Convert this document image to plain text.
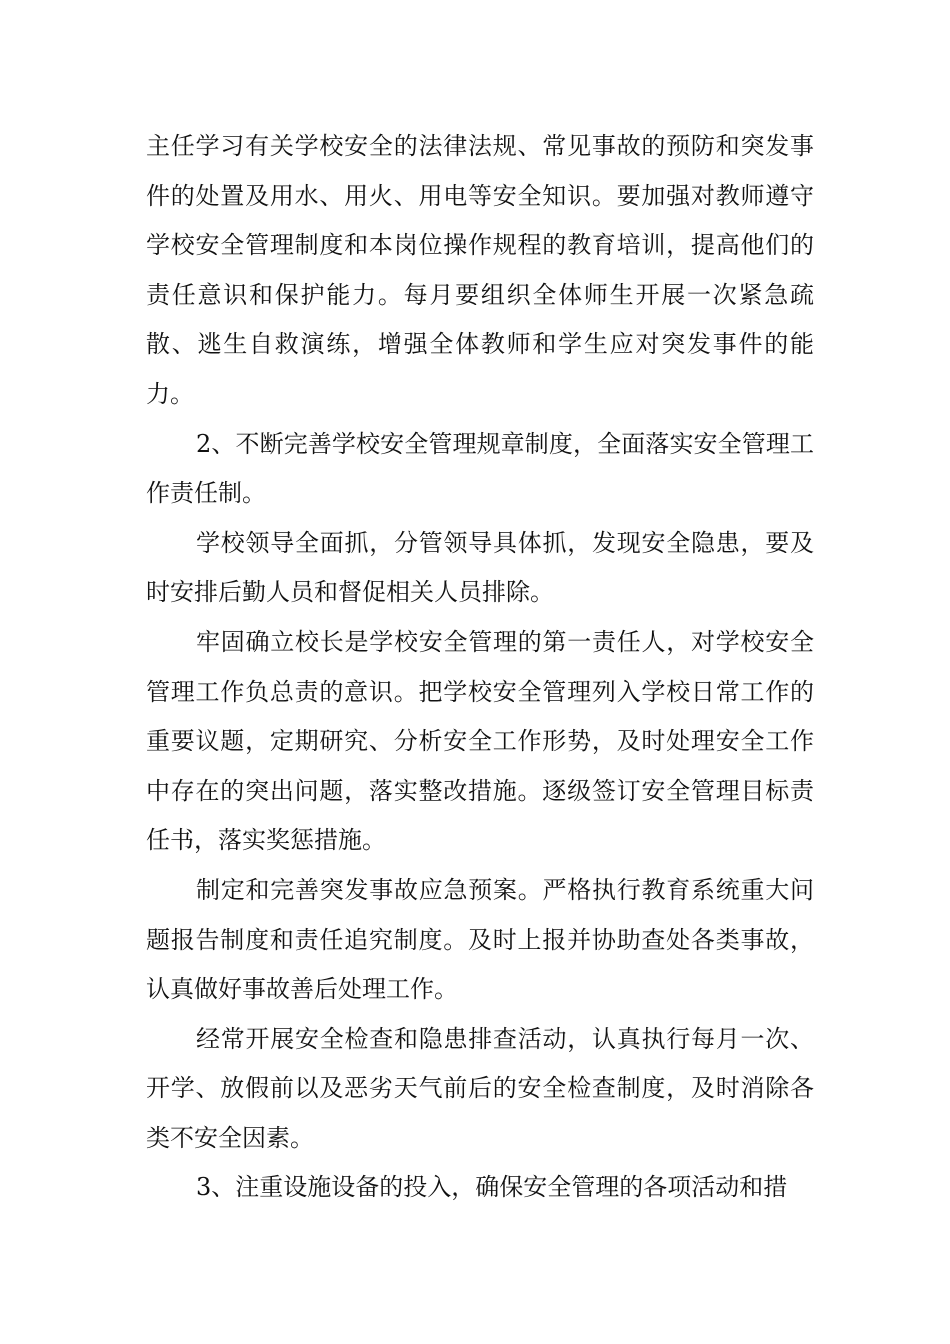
主任学习有关学校安全的法律法规、常见事故的预防和突发事件的处置及用水、用火、用电等安全知识。要加强对教师遵守学校安全管理制度和本岗位操作规程的教育培训，提高他们的责任意识和保护能力。每月要组织全体师生开展一次紧急疏散、逃生自救演练，增强全体教师和学生应对突发事件的能力。

2、不断完善学校安全管理规章制度，全面落实安全管理工作责任制。

学校领导全面抓，分管领导具体抓，发现安全隐患，要及时安排后勤人员和督促相关人员排除。

牢固确立校长是学校安全管理的第一责任人，对学校安全管理工作负总责的意识。把学校安全管理列入学校日常工作的重要议题，定期研究、分析安全工作形势，及时处理安全工作中存在的突出问题，落实整改措施。逐级签订安全管理目标责任书，落实奖惩措施。

制定和完善突发事故应急预案。严格执行教育系统重大问题报告制度和责任追究制度。及时上报并协助查处各类事故，认真做好事故善后处理工作。

经常开展安全检查和隐患排查活动，认真执行每月一次、开学、放假前以及恶劣天气前后的安全检查制度，及时消除各类不安全因素。

3、注重设施设备的投入，确保安全管理的各项活动和措
